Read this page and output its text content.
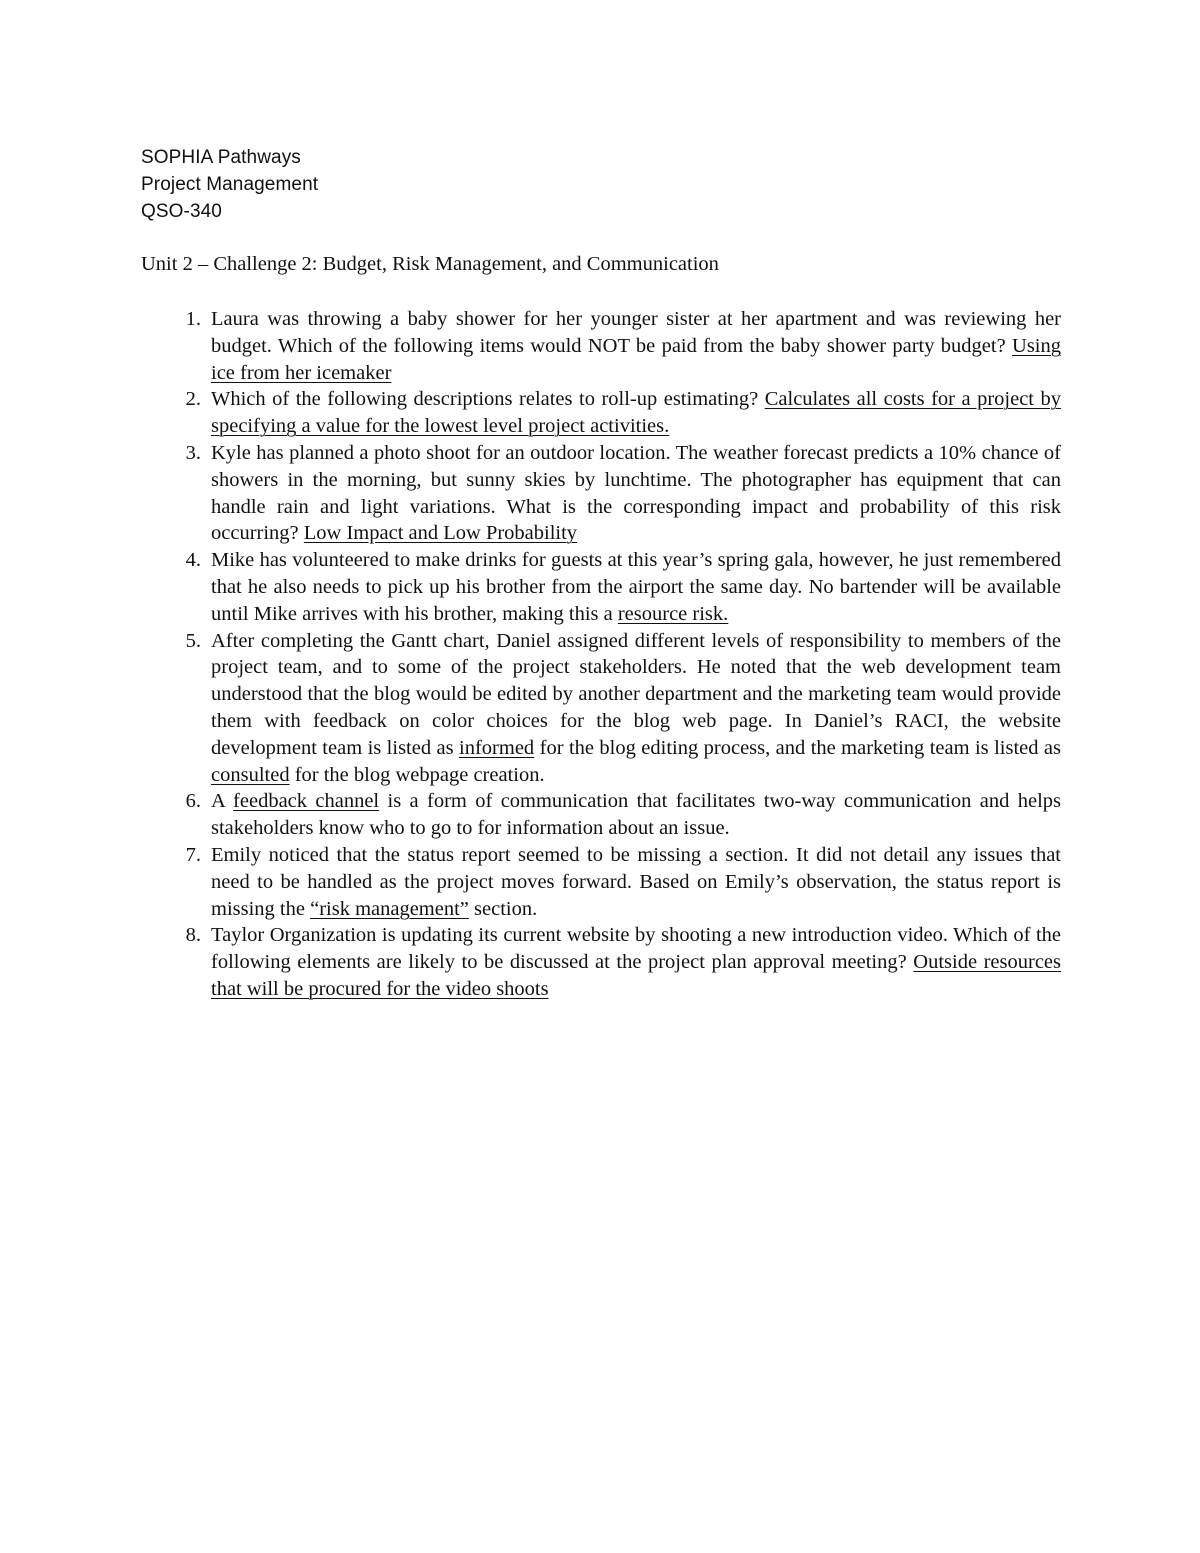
SOPHIA Pathways
Project Management
QSO-340
Unit 2 – Challenge 2: Budget, Risk Management, and Communication
1. Laura was throwing a baby shower for her younger sister at her apartment and was reviewing her budget. Which of the following items would NOT be paid from the baby shower party budget? Using ice from her icemaker
2. Which of the following descriptions relates to roll-up estimating? Calculates all costs for a project by specifying a value for the lowest level project activities.
3. Kyle has planned a photo shoot for an outdoor location. The weather forecast predicts a 10% chance of showers in the morning, but sunny skies by lunchtime. The photographer has equipment that can handle rain and light variations. What is the corresponding impact and probability of this risk occurring? Low Impact and Low Probability
4. Mike has volunteered to make drinks for guests at this year’s spring gala, however, he just remembered that he also needs to pick up his brother from the airport the same day. No bartender will be available until Mike arrives with his brother, making this a resource risk.
5. After completing the Gantt chart, Daniel assigned different levels of responsibility to members of the project team, and to some of the project stakeholders. He noted that the web development team understood that the blog would be edited by another department and the marketing team would provide them with feedback on color choices for the blog web page. In Daniel’s RACI, the website development team is listed as informed for the blog editing process, and the marketing team is listed as consulted for the blog webpage creation.
6. A feedback channel is a form of communication that facilitates two-way communication and helps stakeholders know who to go to for information about an issue.
7. Emily noticed that the status report seemed to be missing a section. It did not detail any issues that need to be handled as the project moves forward. Based on Emily’s observation, the status report is missing the “risk management” section.
8. Taylor Organization is updating its current website by shooting a new introduction video. Which of the following elements are likely to be discussed at the project plan approval meeting? Outside resources that will be procured for the video shoots
